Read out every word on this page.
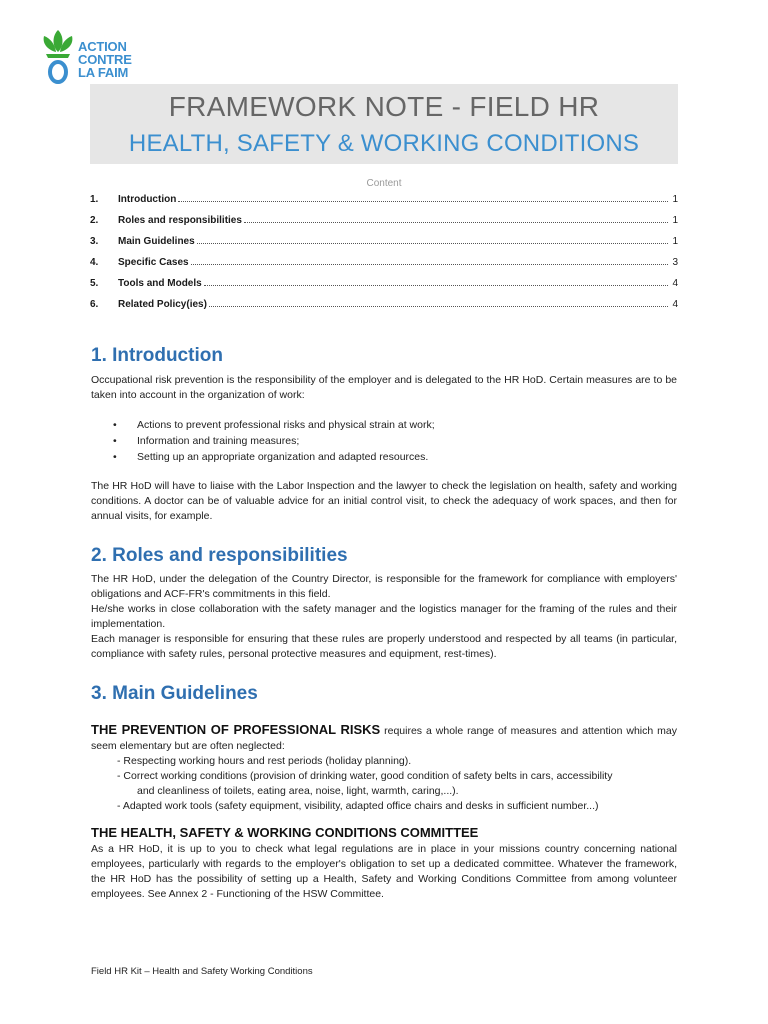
ACTION
CONTRE
LA FAIM
FRAMEWORK NOTE - FIELD HR
HEALTH, SAFETY & WORKING CONDITIONS
Content
1.	Introduction	1
2.	Roles and responsibilities	1
3.	Main Guidelines	1
4.	Specific Cases	3
5.	Tools and Models	4
6.	Related Policy(ies)	4
1. Introduction
Occupational risk prevention is the responsibility of the employer and is delegated to the HR HoD. Certain measures are to be taken into account in the organization of work:
• Actions to prevent professional risks and physical strain at work;
• Information and training measures;
• Setting up an appropriate organization and adapted resources.
The HR HoD will have to liaise with the Labor Inspection and the lawyer to check the legislation on health, safety and working conditions. A doctor can be of valuable advice for an initial control visit, to check the adequacy of work spaces, and then for annual visits, for example.
2. Roles and responsibilities
The HR HoD, under the delegation of the Country Director, is responsible for the framework for compliance with employers' obligations and ACF-FR's commitments in this field.
He/she works in close collaboration with the safety manager and the logistics manager for the framing of the rules and their implementation.
Each manager is responsible for ensuring that these rules are properly understood and respected by all teams (in particular, compliance with safety rules, personal protective measures and equipment, rest-times).
3. Main Guidelines
THE PREVENTION OF PROFESSIONAL RISKS requires a whole range of measures and attention which may seem elementary but are often neglected:
- Respecting working hours and rest periods (holiday planning).
- Correct working conditions (provision of drinking water, good condition of safety belts in cars, accessibility
and cleanliness of toilets, eating area, noise, light, warmth, caring,...).
- Adapted work tools (safety equipment, visibility, adapted office chairs and desks in sufficient number...)
THE HEALTH, SAFETY & WORKING CONDITIONS COMMITTEE
As a HR HoD, it is up to you to check what legal regulations are in place in your missions country concerning national employees, particularly with regards to the employer's obligation to set up a dedicated committee. Whatever the framework, the HR HoD has the possibility of setting up a Health, Safety and Working Conditions Committee from among volunteer employees. See Annex 2 - Functioning of the HSW Committee.
Field HR Kit – Health and Safety Working Conditions
